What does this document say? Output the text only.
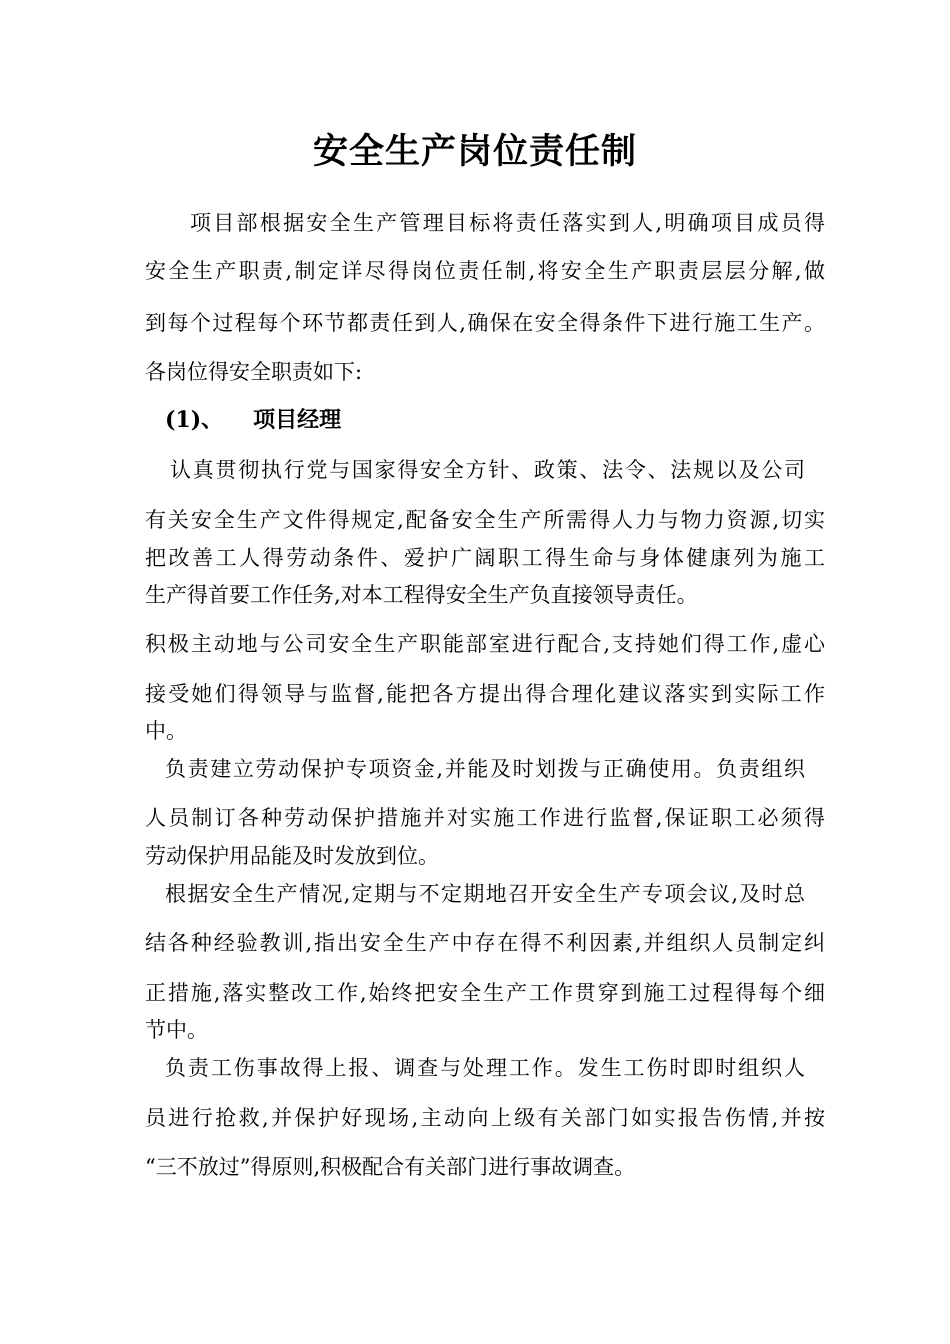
安全生产岗位责任制

项目部根据安全生产管理目标将责任落实到人,明确项目成员得

安全生产职责,制定详尽得岗位责任制,将安全生产职责层层分解,做

到每个过程每个环节都责任到人,确保在安全得条件下进行施工生产。

各岗位得安全职责如下:

(1)、 项目经理

认真贯彻执行党与国家得安全方针、政策、法令、法规以及公司

有关安全生产文件得规定,配备安全生产所需得人力与物力资源,切实

把改善工人得劳动条件、爱护广阔职工得生命与身体健康列为施工

生产得首要工作任务,对本工程得安全生产负直接领导责任。

积极主动地与公司安全生产职能部室进行配合,支持她们得工作,虚心

接受她们得领导与监督,能把各方提出得合理化建议落实到实际工作

中。

负责建立劳动保护专项资金,并能及时划拨与正确使用。负责组织

人员制订各种劳动保护措施并对实施工作进行监督,保证职工必须得

劳动保护用品能及时发放到位。

根据安全生产情况,定期与不定期地召开安全生产专项会议,及时总

结各种经验教训,指出安全生产中存在得不利因素,并组织人员制定纠

正措施,落实整改工作,始终把安全生产工作贯穿到施工过程得每个细

节中。

负责工伤事故得上报、调查与处理工作。发生工伤时即时组织人

员进行抢救,并保护好现场,主动向上级有关部门如实报告伤情,并按

“三不放过”得原则,积极配合有关部门进行事故调查。
